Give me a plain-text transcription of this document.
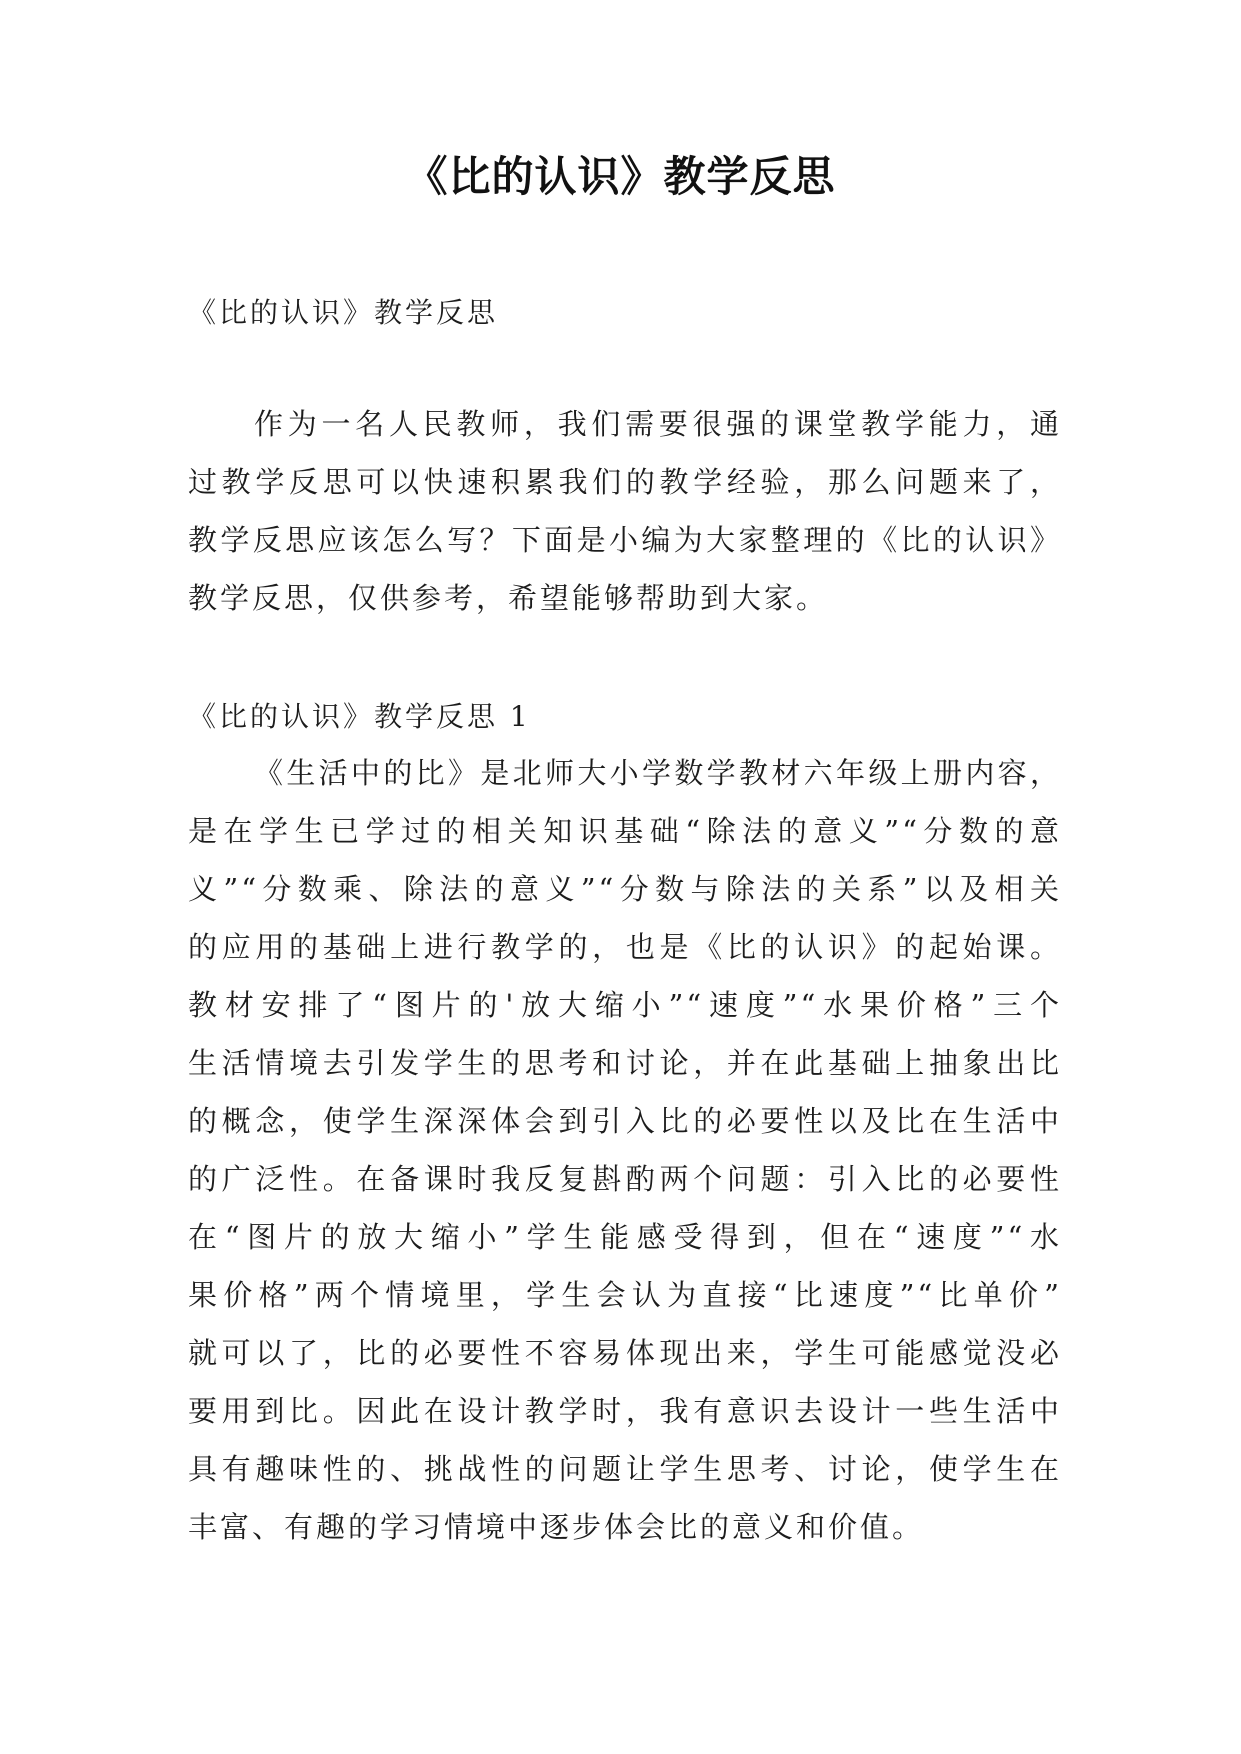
《比的认识》教学反思
《比的认识》教学反思
作为一名人民教师，我们需要很强的课堂教学能力，通
过教学反思可以快速积累我们的教学经验，那么问题来了，
教学反思应该怎么写？下面是小编为大家整理的《比的认识》
教学反思，仅供参考，希望能够帮助到大家。
《比的认识》教学反思 1
《生活中的比》是北师大小学数学教材六年级上册内容，
是在学生已学过的相关知识基础“除法的意义”“分数的意
义”“分数乘、除法的意义”“分数与除法的关系”以及相关
的应用的基础上进行教学的，也是《比的认识》的起始课。
教材安排了“图片的'放大缩小”“速度”“水果价格”三个
生活情境去引发学生的思考和讨论，并在此基础上抽象出比
的概念，使学生深深体会到引入比的必要性以及比在生活中
的广泛性。在备课时我反复斟酌两个问题：引入比的必要性
在“图片的放大缩小”学生能感受得到，但在“速度”“水
果价格”两个情境里，学生会认为直接“比速度”“比单价”
就可以了，比的必要性不容易体现出来，学生可能感觉没必
要用到比。因此在设计教学时，我有意识去设计一些生活中
具有趣味性的、挑战性的问题让学生思考、讨论，使学生在
丰富、有趣的学习情境中逐步体会比的意义和价值。
